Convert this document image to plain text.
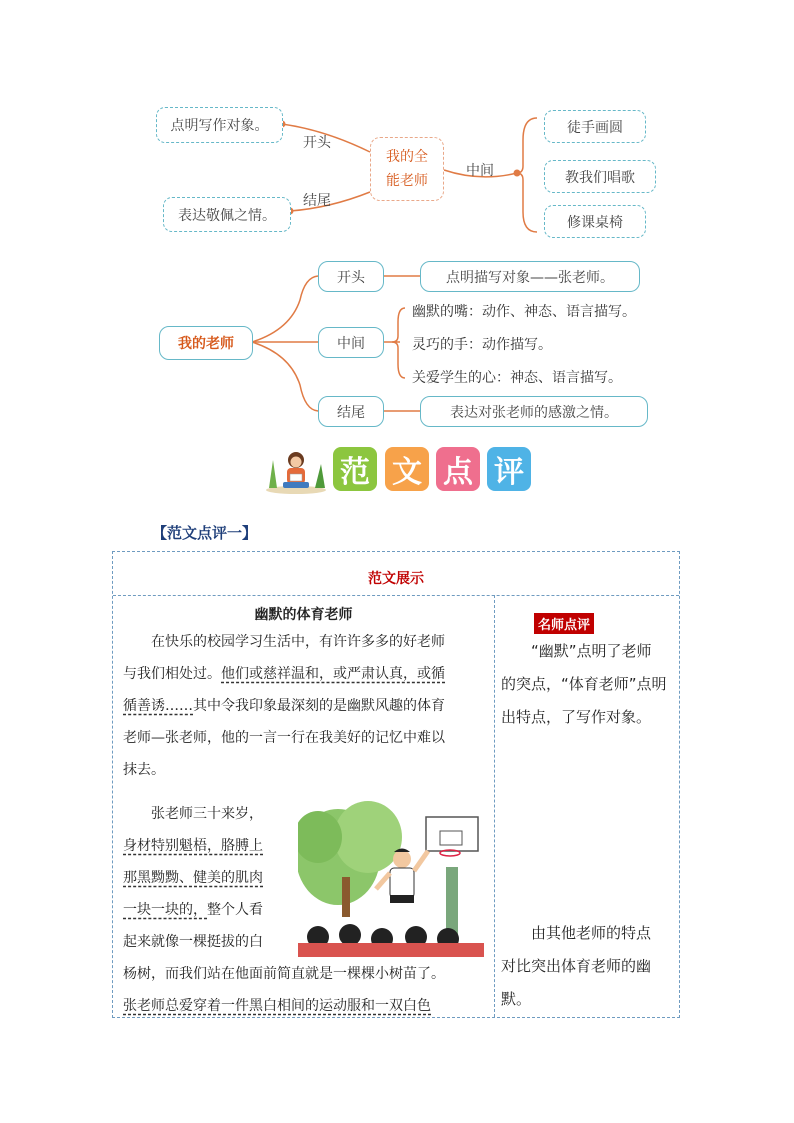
点明写作对象。
表达敬佩之情。
开头
结尾
我的全
能老师
中间
徒手画圆
教我们唱歌
修课桌椅
我的老师
开头
中间
结尾
点明描写对象——张老师。
幽默的嘴：动作、神态、语言描写。
灵巧的手：动作描写。
关爱学生的心：神态、语言描写。
表达对张老师的感激之情。
范 文 点 评
【范文点评一】
范文展示
幽默的体育老师
在快乐的校园学习生活中，有许许多多的好老师
与我们相处过。他们或慈祥温和，或严肃认真，或循
循善诱……其中令我印象最深刻的是幽默风趣的体育
老师—张老师，他的一言一行在我美好的记忆中难以
抹去。
张老师三十来岁，
身材特别魁梧，胳膊上
那黑黝黝、健美的肌肉
一块一块的，整个人看
起来就像一棵挺拔的白
杨树，而我们站在他面前简直就是一棵棵小树苗了。
张老师总爱穿着一件黑白相间的运动服和一双白色
名师点评
“幽默”点明了老师
的突点，“体育老师”点明
出特点，了写作对象。
由其他老师的特点
对比突出体育老师的幽
默。
